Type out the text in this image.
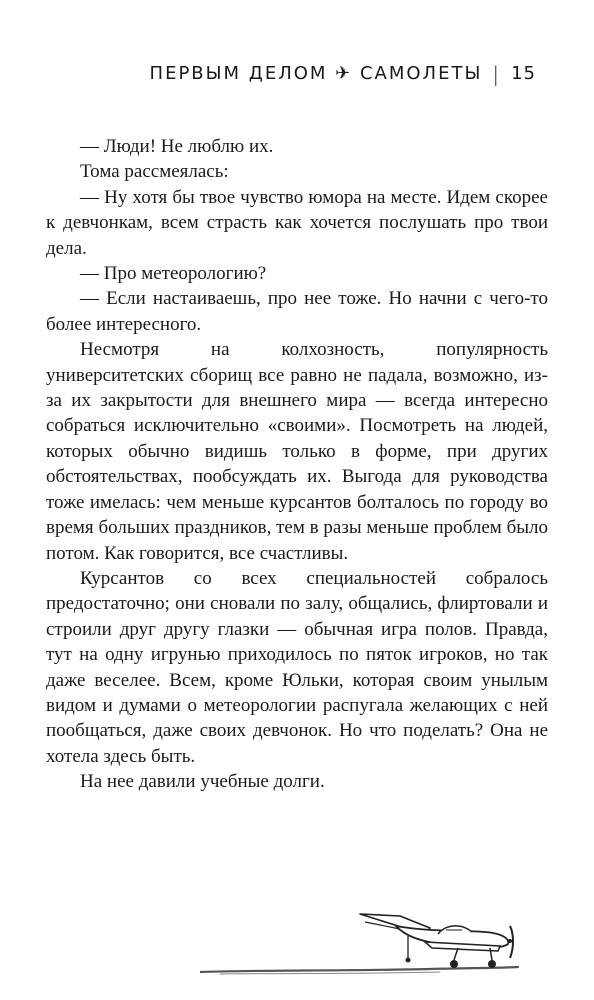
ПЕРВЫМ ДЕЛОМ ✈ САМОЛЕТЫ | 15

— Люди! Не люблю их.

Тома рассмеялась:

— Ну хотя бы твое чувство юмора на месте. Идем скорее к девчонкам, всем страсть как хочется послушать про твои дела.

— Про метеорологию?

— Если настаиваешь, про нее тоже. Но начни с чего-то более интересного.

Несмотря на колхозность, популярность университетских сборищ все равно не падала, возможно, из-за их закрытости для внешнего мира — всегда интересно собраться исключительно «своими». Посмотреть на людей, которых обычно видишь только в форме, при других обстоятельствах, пообсуждать их. Выгода для руководства тоже имелась: чем меньше курсантов болталось по городу во время больших праздников, тем в разы меньше проблем было потом. Как говорится, все счастливы.

Курсантов со всех специальностей собралось предостаточно; они сновали по залу, общались, флиртовали и строили друг другу глазки — обычная игра полов. Правда, тут на одну игрунью приходилось по пяток игроков, но так даже веселее. Всем, кроме Юльки, которая своим унылым видом и думами о метеорологии распугала желающих с ней пообщаться, даже своих девчонок. Но что поделать? Она не хотела здесь быть.

На нее давили учебные долги.
